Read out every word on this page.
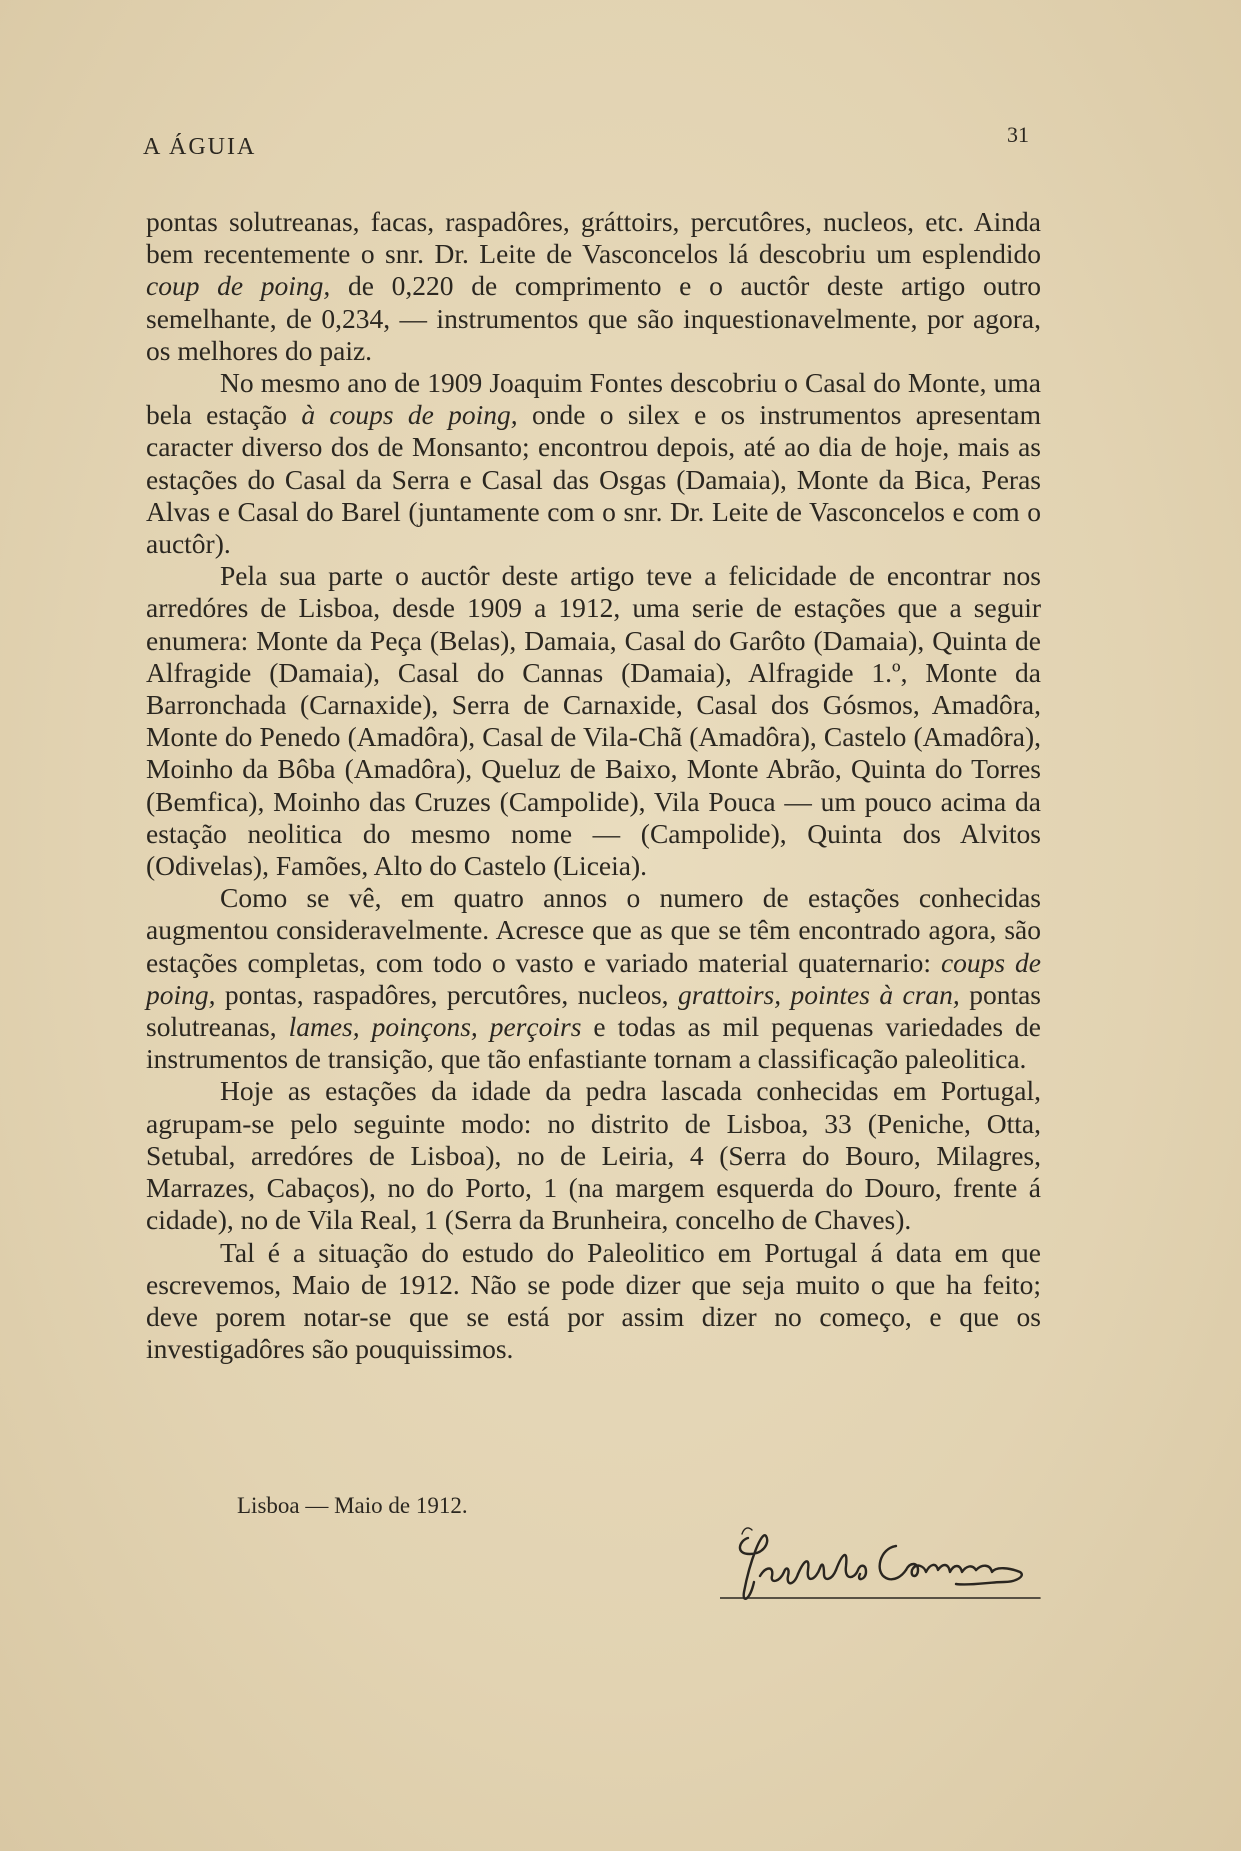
A ÁGUIA	31

pontas solutreanas, facas, raspadôres, gráttoirs, percutôres, nucleos, etc. Ainda bem recentemente o snr. Dr. Leite de Vasconcelos lá descobriu um esplendido coup de poing, de 0,220 de comprimento e o auctôr deste artigo outro semelhante, de 0,234, — instrumentos que são inquestionavelmente, por agora, os melhores do paiz.

No mesmo ano de 1909 Joaquim Fontes descobriu o Casal do Monte, uma bela estação à coups de poing, onde o silex e os instrumentos apresentam caracter diverso dos de Monsanto; encontrou depois, até ao dia de hoje, mais as estações do Casal da Serra e Casal das Osgas (Damaia), Monte da Bica, Peras Alvas e Casal do Barel (juntamente com o snr. Dr. Leite de Vasconcelos e com o auctôr).

Pela sua parte o auctôr deste artigo teve a felicidade de encontrar nos arredóres de Lisboa, desde 1909 a 1912, uma serie de estações que a seguir enumera: Monte da Peça (Belas), Damaia, Casal do Garôto (Damaia), Quinta de Alfragide (Damaia), Casal do Cannas (Damaia), Alfragide 1.º, Monte da Barronchada (Carnaxide), Serra de Carnaxide, Casal dos Gósmos, Amadôra, Monte do Penedo (Amadôra), Casal de Vila-Chã (Amadôra), Castelo (Amadôra), Moinho da Bôba (Amadôra), Queluz de Baixo, Monte Abrão, Quinta do Torres (Bemfica), Moinho das Cruzes (Campolide), Vila Pouca — um pouco acima da estação neolitica do mesmo nome — (Campolide), Quinta dos Alvitos (Odivelas), Famões, Alto do Castelo (Liceia).

Como se vê, em quatro annos o numero de estações conhecidas augmentou consideravelmente. Acresce que as que se têm encontrado agora, são estações completas, com todo o vasto e variado material quaternario: coups de poing, pontas, raspadôres, percutôres, nucleos, grattoirs, pointes à cran, pontas solutreanas, lames, poinçons, perçoirs e todas as mil pequenas variedades de instrumentos de transição, que tão enfastiante tornam a classificação paleolitica.

Hoje as estações da idade da pedra lascada conhecidas em Portugal, agrupam-se pelo seguinte modo: no distrito de Lisboa, 33 (Peniche, Otta, Setubal, arredóres de Lisboa), no de Leiria, 4 (Serra do Bouro, Milagres, Marrazes, Cabaços), no do Porto, 1 (na margem esquerda do Douro, frente á cidade), no de Vila Real, 1 (Serra da Brunheira, concelho de Chaves).

Tal é a situação do estudo do Paleolitico em Portugal á data em que escrevemos, Maio de 1912. Não se pode dizer que seja muito o que ha feito; deve porem notar-se que se está por assim dizer no começo, e que os investigadôres são pouquissimos.

Lisboa — Maio de 1912.
